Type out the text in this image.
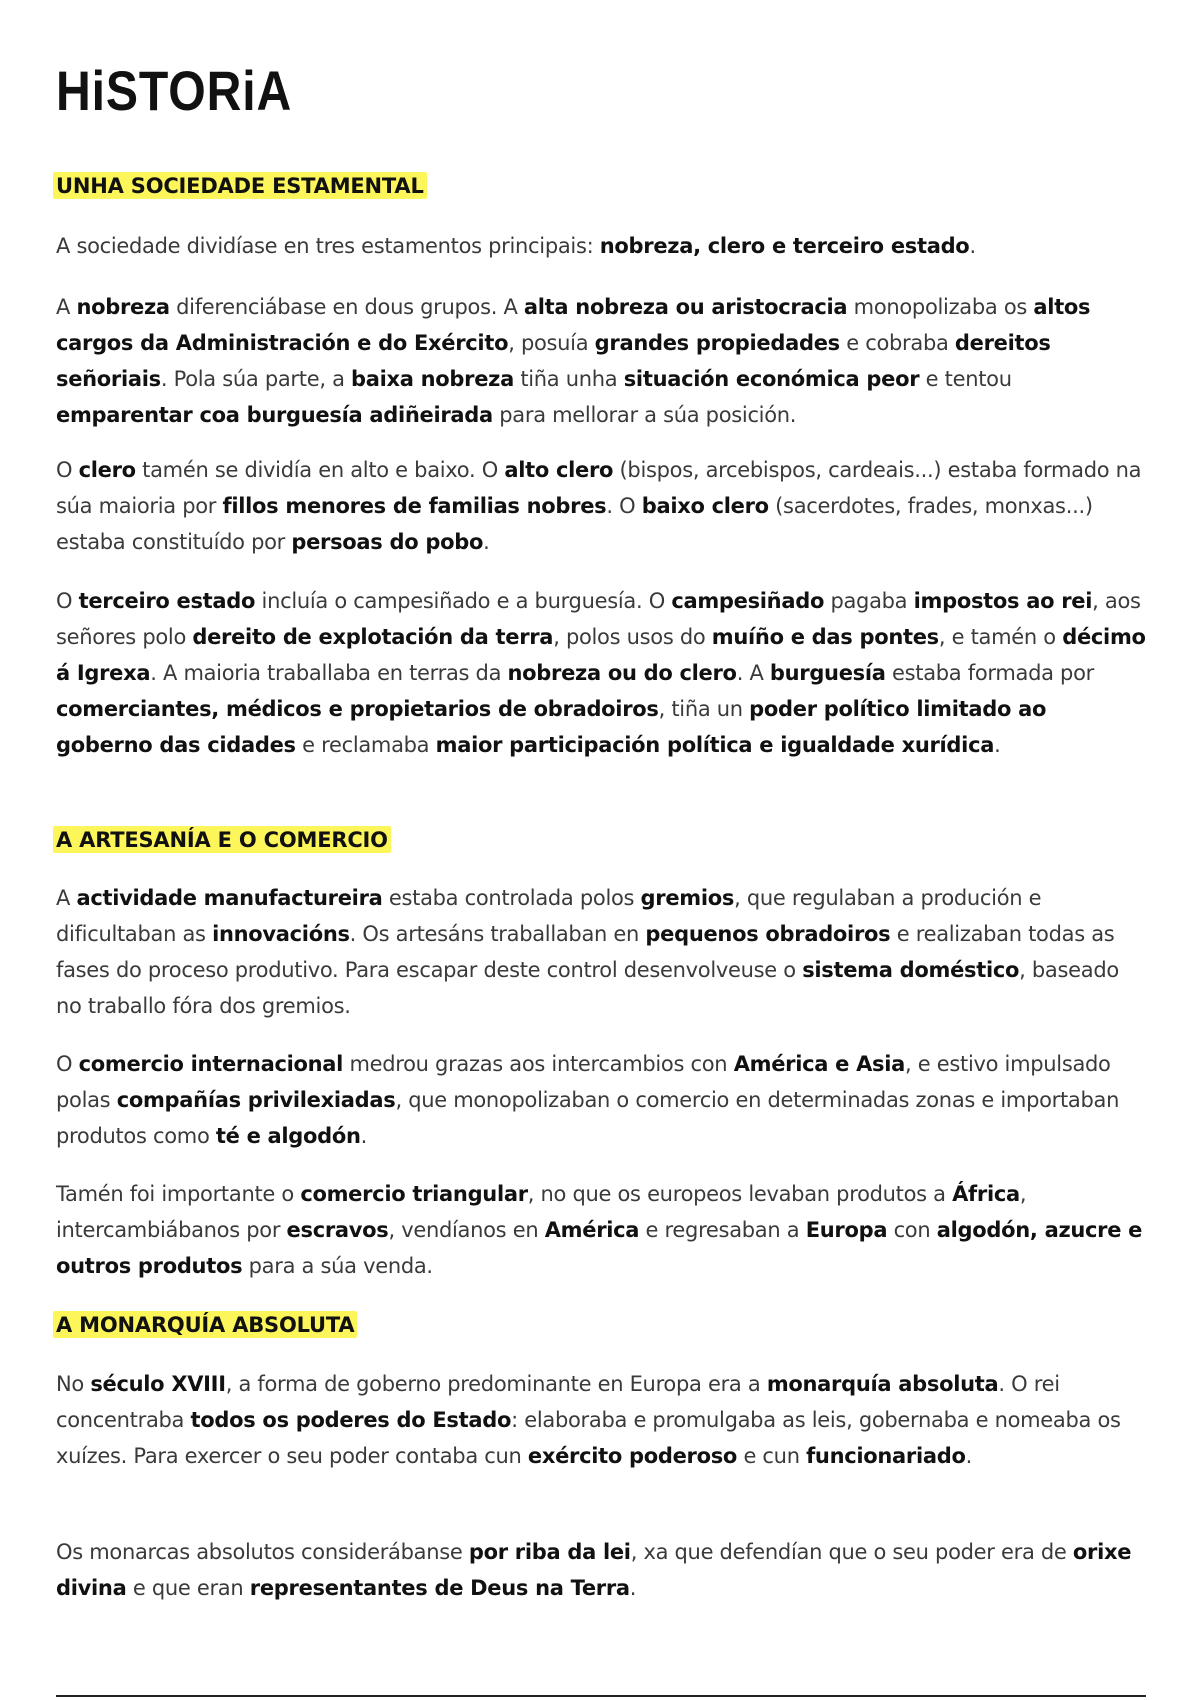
HiSTORiA
UNHA SOCIEDADE ESTAMENTAL

A sociedade dividíase en tres estamentos principais: nobreza, clero e terceiro estado.

A nobreza diferenciábase en dous grupos. A alta nobreza ou aristocracia monopolizaba os altos cargos da Administración e do Exército, posuía grandes propiedades e cobraba dereitos señoriais. Pola súa parte, a baixa nobreza tiña unha situación económica peor e tentou emparentar coa burguesía adiñeirada para mellorar a súa posición.

O clero tamén se dividía en alto e baixo. O alto clero (bispos, arcebispos, cardeais...) estaba formado na súa maioria por fillos menores de familias nobres. O baixo clero (sacerdotes, frades, monxas...) estaba constituído por persoas do pobo.

O terceiro estado incluía o campesiñado e a burguesía. O campesiñado pagaba impostos ao rei, aos señores polo dereito de explotación da terra, polos usos do muíño e das pontes, e tamén o décimo á Igrexa. A maioria traballaba en terras da nobreza ou do clero. A burguesía estaba formada por comerciantes, médicos e propietarios de obradoiros, tiña un poder político limitado ao goberno das cidades e reclamaba maior participación política e igualdade xurídica.

A ARTESANÍA E O COMERCIO

A actividade manufactureira estaba controlada polos gremios, que regulaban a produción e dificultaban as innovacións. Os artesáns traballaban en pequenos obradoiros e realizaban todas as fases do proceso produtivo. Para escapar deste control desenvolveuse o sistema doméstico, baseado no traballo fóra dos gremios.

O comercio internacional medrou grazas aos intercambios con América e Asia, e estivo impulsado polas compañías privilexiadas, que monopolizaban o comercio en determinadas zonas e importaban produtos como té e algodón.

Tamén foi importante o comercio triangular, no que os europeos levaban produtos a África, intercambiábanos por escravos, vendíanos en América e regresaban a Europa con algodón, azucre e outros produtos para a súa venda.

A MONARQUÍA ABSOLUTA

No século XVIII, a forma de goberno predominante en Europa era a monarquía absoluta. O rei concentraba todos os poderes do Estado: elaboraba e promulgaba as leis, gobernaba e nomeaba os xuízes. Para exercer o seu poder contaba cun exército poderoso e cun funcionariado.

Os monarcas absolutos considerábanse por riba da lei, xa que defendían que o seu poder era de orixe divina e que eran representantes de Deus na Terra.
